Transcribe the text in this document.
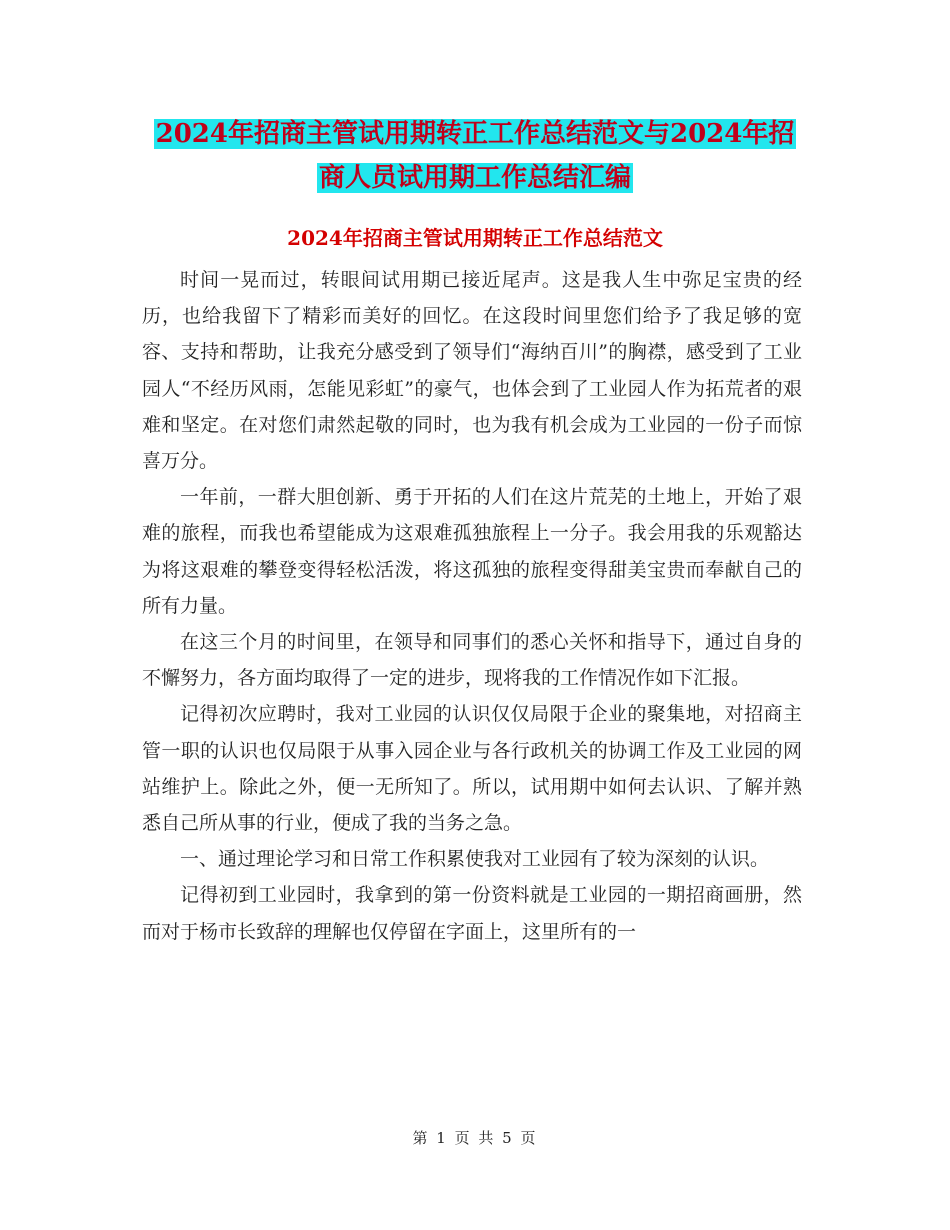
2024年招商主管试用期转正工作总结范文与2024年招
商人员试用期工作总结汇编
2024年招商主管试用期转正工作总结范文

时间一晃而过，转眼间试用期已接近尾声。这是我人生中弥足宝贵的经历，也给我留下了精彩而美好的回忆。在这段时间里您们给予了我足够的宽容、支持和帮助，让我充分感受到了领导们“海纳百川”的胸襟，感受到了工业园人“不经历风雨，怎能见彩虹”的豪气，也体会到了工业园人作为拓荒者的艰难和坚定。在对您们肃然起敬的同时，也为我有机会成为工业园的一份子而惊喜万分。

一年前，一群大胆创新、勇于开拓的人们在这片荒芜的土地上，开始了艰难的旅程，而我也希望能成为这艰难孤独旅程上一分子。我会用我的乐观豁达为将这艰难的攀登变得轻松活泼，将这孤独的旅程变得甜美宝贵而奉献自己的所有力量。

在这三个月的时间里，在领导和同事们的悉心关怀和指导下，通过自身的不懈努力，各方面均取得了一定的进步，现将我的工作情况作如下汇报。

记得初次应聘时，我对工业园的认识仅仅局限于企业的聚集地，对招商主管一职的认识也仅局限于从事入园企业与各行政机关的协调工作及工业园的网站维护上。除此之外，便一无所知了。所以，试用期中如何去认识、了解并熟悉自己所从事的行业，便成了我的当务之急。

一、通过理论学习和日常工作积累使我对工业园有了较为深刻的认识。

记得初到工业园时，我拿到的第一份资料就是工业园的一期招商画册，然而对于杨市长致辞的理解也仅停留在字面上，这里所有的一

第 1 页 共 5 页
